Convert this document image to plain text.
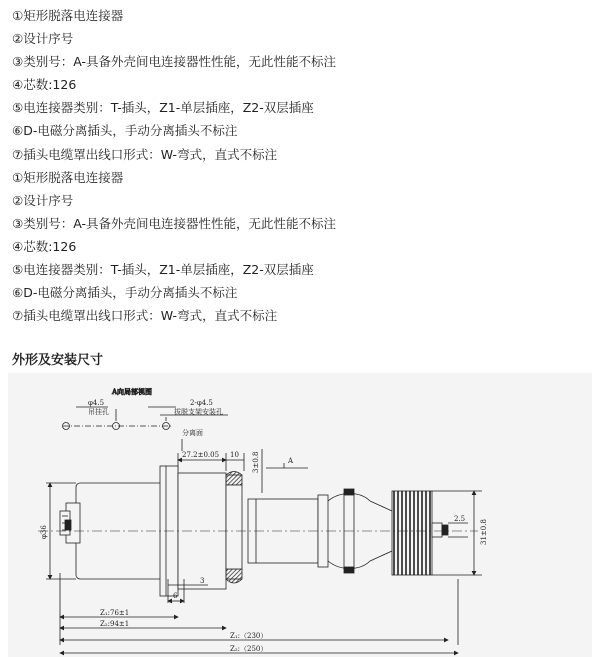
①矩形脱落电连接器
②设计序号
③类别号：A-具备外壳间电连接器性性能，无此性能不标注
④芯数:126
⑤电连接器类别：T-插头，Z1-单层插座，Z2-双层插座
⑥D-电磁分离插头，手动分离插头不标注
⑦插头电缆罩出线口形式：W-弯式，直式不标注
①矩形脱落电连接器
②设计序号
③类别号：A-具备外壳间电连接器性性能，无此性能不标注
④芯数:126
⑤电连接器类别：T-插头，Z1-单层插座，Z2-双层插座
⑥D-电磁分离插头，手动分离插头不标注
⑦插头电缆罩出线口形式：W-弯式，直式不标注
外形及安装尺寸
A向局部视图
φ4.5
吊挂孔
2-φ4.5
拔脱支架安装孔
分离面
27.2±0.05 10 3±0.8	A
φ36
2.5
31±0.8
3
6
Z₁:76±1
Z₂:94±1
Z₁:（230）
Z₂:（250）
